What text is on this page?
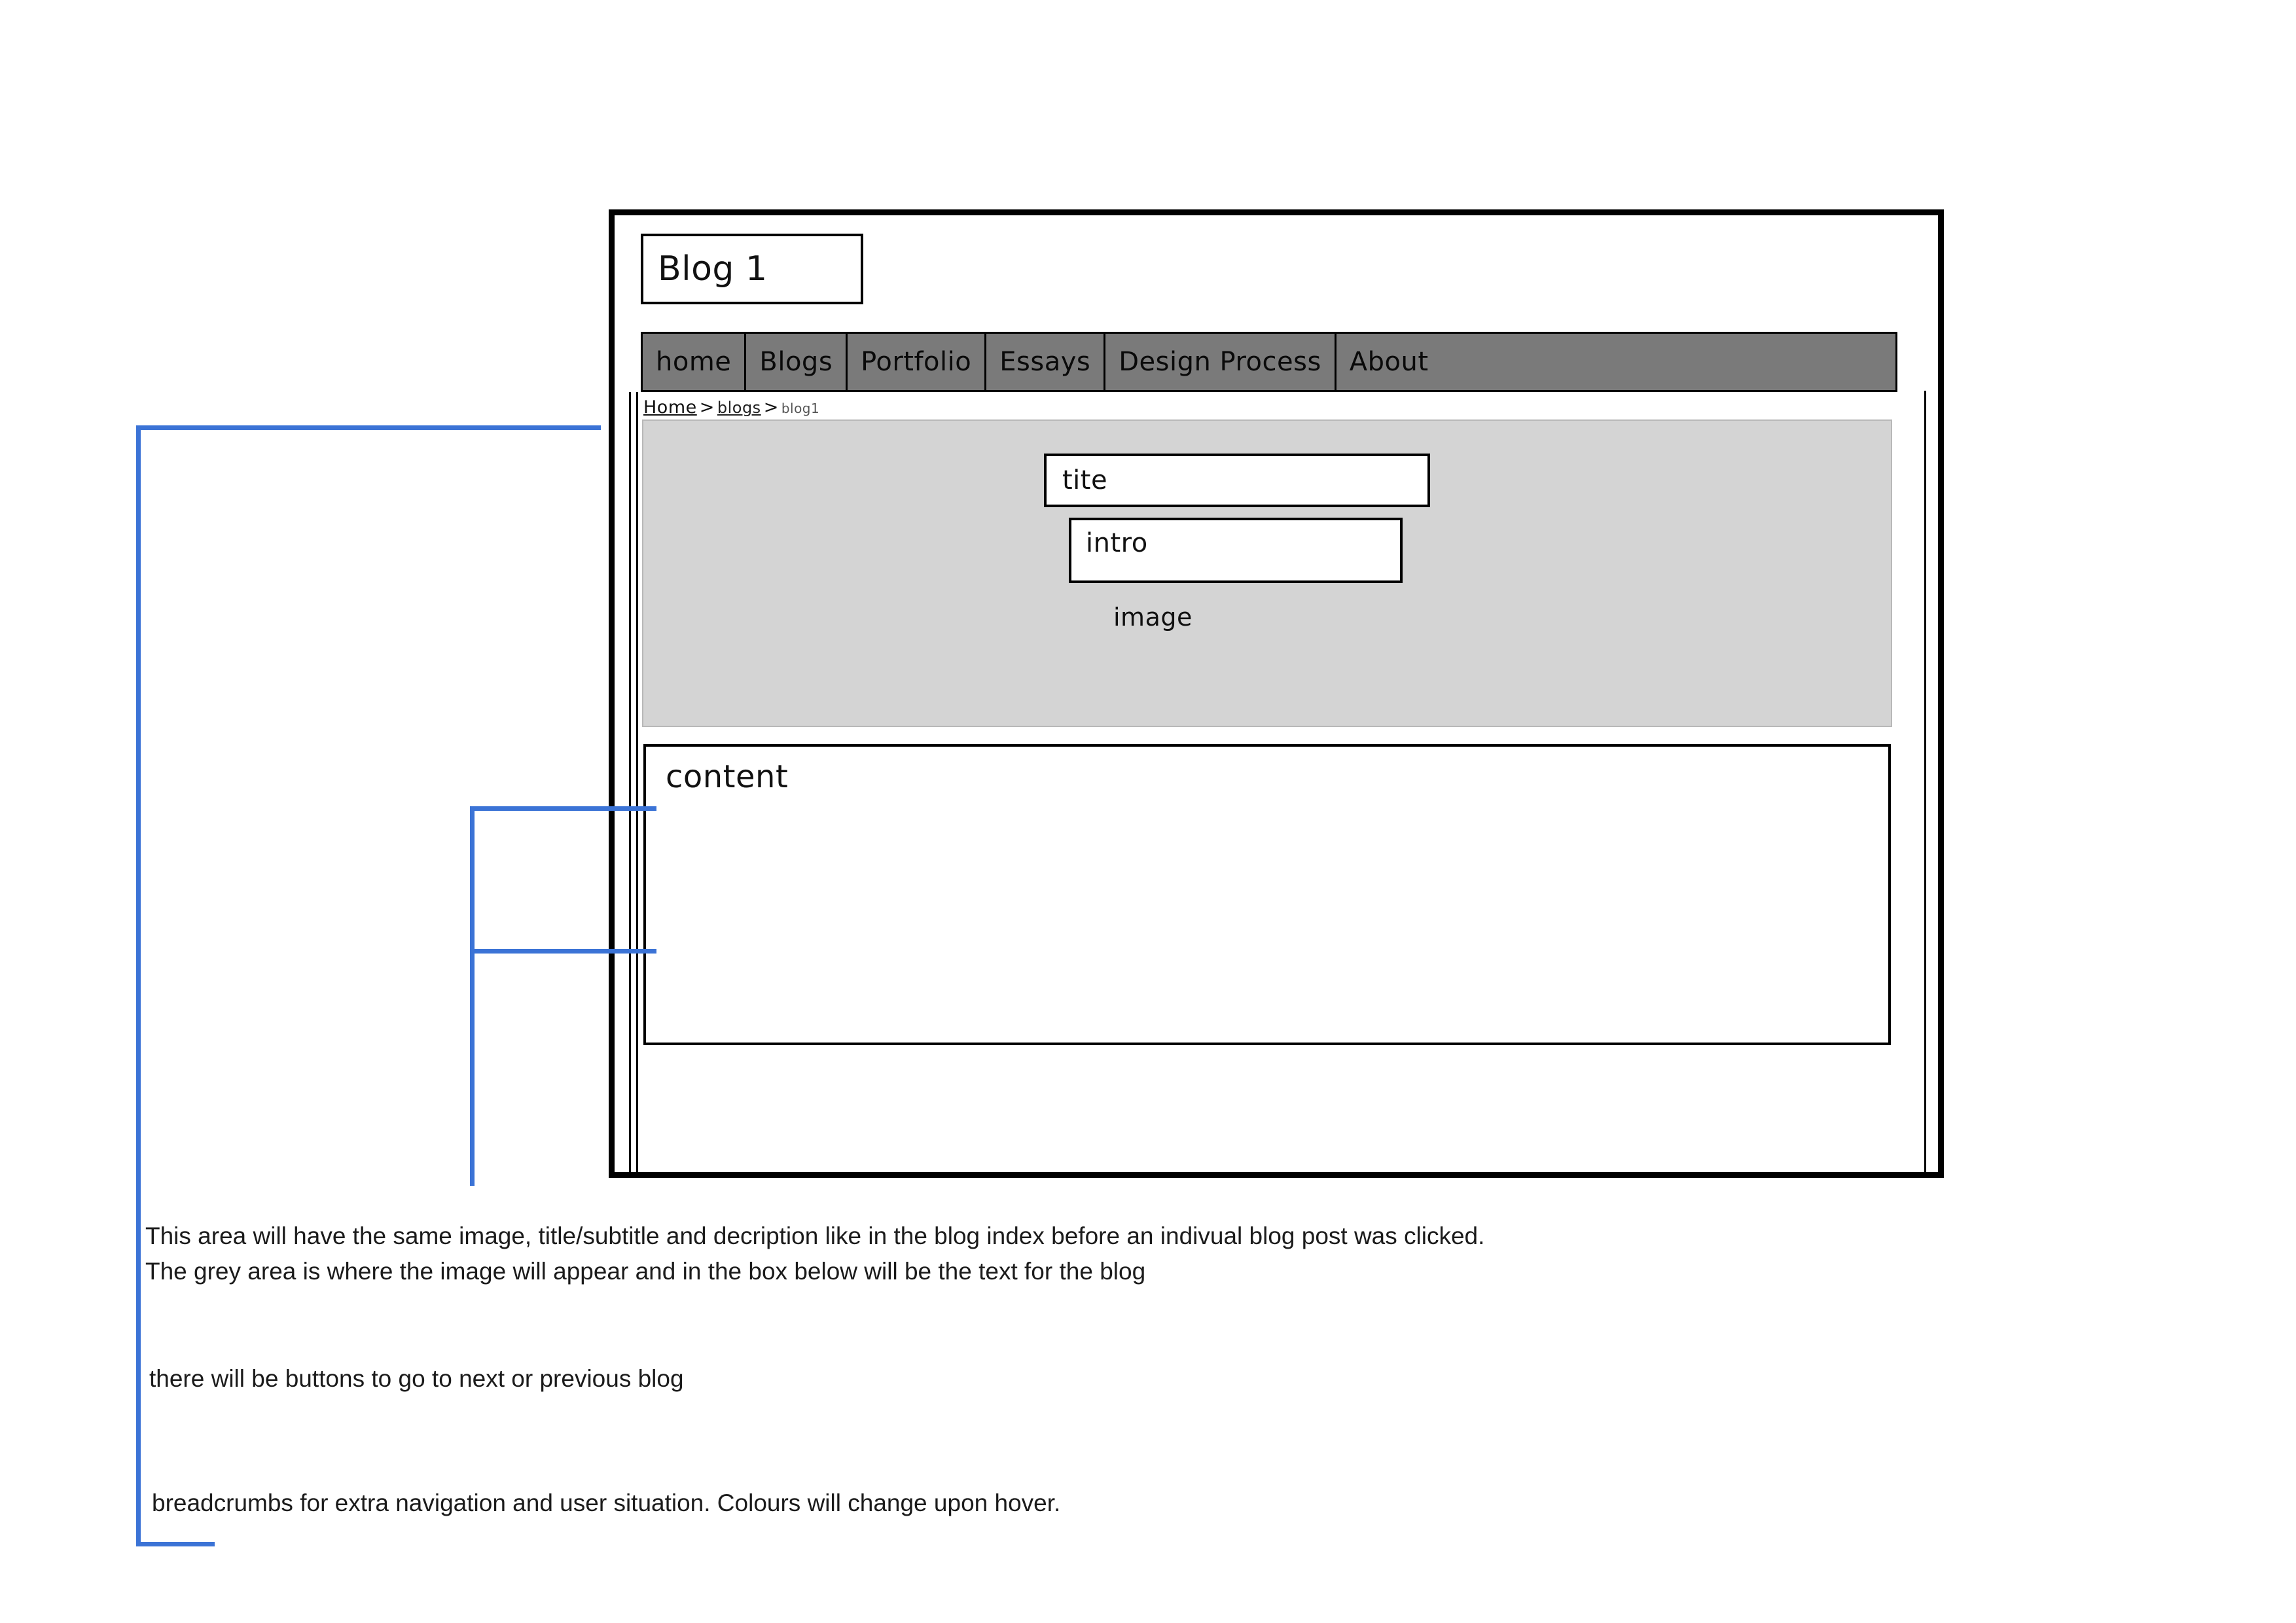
Blog 1
home Blogs Portfolio Essays Design Process About
Home > blogs > blog1
tite
intro
image
content
This area will have the same image, title/subtitle and decription like in the blog index before an indivual blog post was clicked.
The grey area is where the image will appear and in the box below will be the text for the blog
there will be buttons to go to next or previous blog
breadcrumbs for extra navigation and user situation. Colours will change upon hover.
